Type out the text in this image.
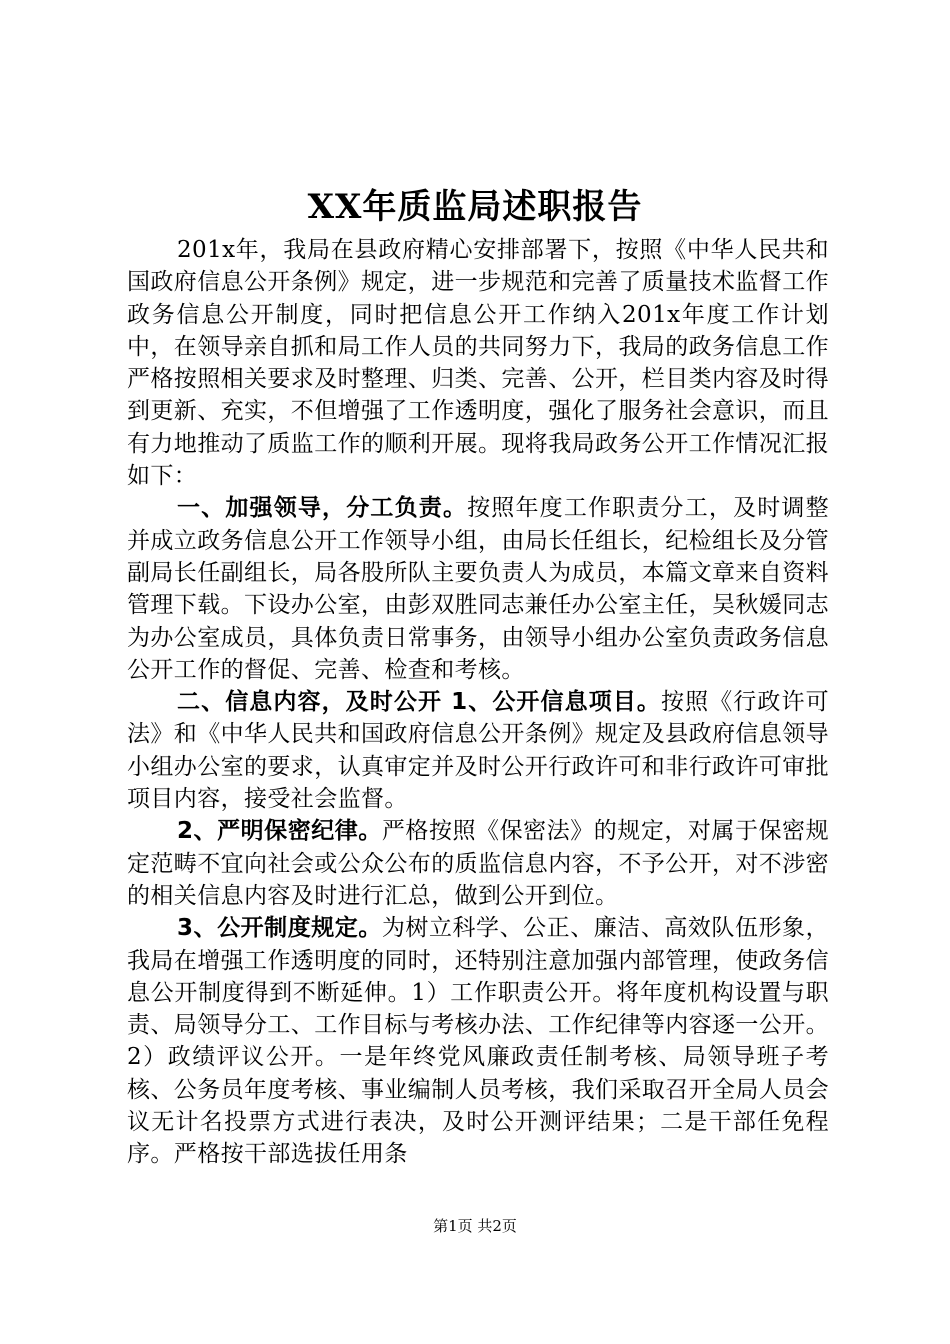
XX年质监局述职报告

201x年，我局在县政府精心安排部署下，按照《中华人民共和国政府信息公开条例》规定，进一步规范和完善了质量技术监督工作政务信息公开制度，同时把信息公开工作纳入201x年度工作计划中，在领导亲自抓和局工作人员的共同努力下，我局的政务信息工作严格按照相关要求及时整理、归类、完善、公开，栏目类内容及时得到更新、充实，不但增强了工作透明度，强化了服务社会意识，而且有力地推动了质监工作的顺利开展。现将我局政务公开工作情况汇报如下：

一、加强领导，分工负责。按照年度工作职责分工，及时调整并成立政务信息公开工作领导小组，由局长任组长，纪检组长及分管副局长任副组长，局各股所队主要负责人为成员，本篇文章来自资料管理下载。下设办公室，由彭双胜同志兼任办公室主任，吴秋媛同志为办公室成员，具体负责日常事务，由领导小组办公室负责政务信息公开工作的督促、完善、检查和考核。

二、信息内容，及时公开 1、公开信息项目。按照《行政许可法》和《中华人民共和国政府信息公开条例》规定及县政府信息领导小组办公室的要求，认真审定并及时公开行政许可和非行政许可审批项目内容，接受社会监督。

2、严明保密纪律。严格按照《保密法》的规定，对属于保密规定范畴不宜向社会或公众公布的质监信息内容，不予公开，对不涉密的相关信息内容及时进行汇总，做到公开到位。

3、公开制度规定。为树立科学、公正、廉洁、高效队伍形象，我局在增强工作透明度的同时，还特别注意加强内部管理，使政务信息公开制度得到不断延伸。1）工作职责公开。将年度机构设置与职责、局领导分工、工作目标与考核办法、工作纪律等内容逐一公开。2）政绩评议公开。一是年终党风廉政责任制考核、局领导班子考核、公务员年度考核、事业编制人员考核，我们采取召开全局人员会议无计名投票方式进行表决，及时公开测评结果；二是干部任免程序。严格按干部选拔任用条

第1页 共2页
